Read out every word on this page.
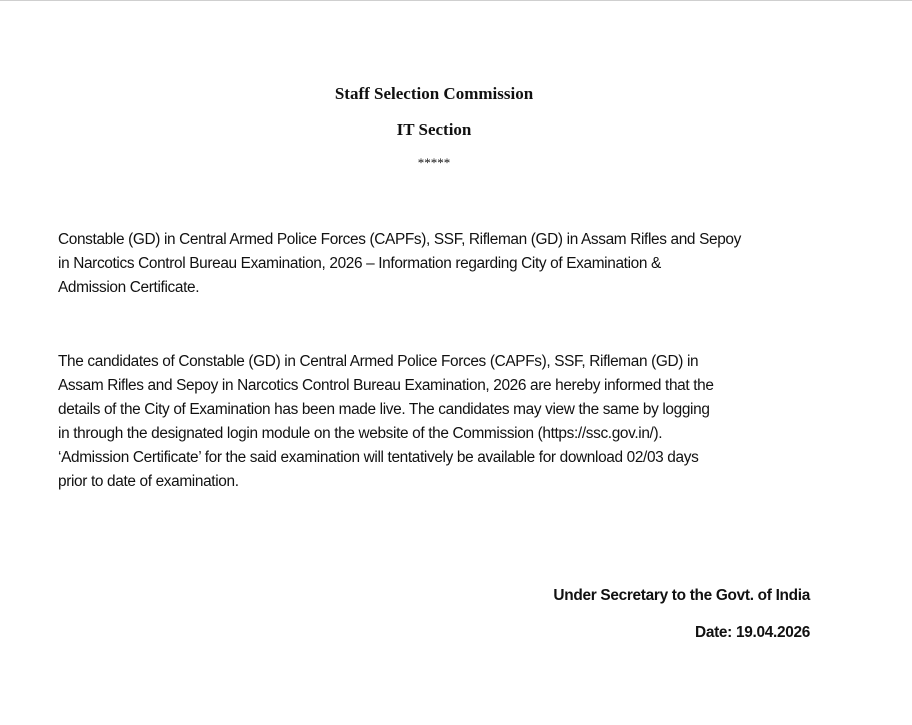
Staff Selection Commission
IT Section
*****
Constable (GD) in Central Armed Police Forces (CAPFs), SSF, Rifleman (GD) in Assam Rifles and Sepoy
in Narcotics Control Bureau Examination, 2026 – Information regarding City of Examination &
Admission Certificate.
The candidates of Constable (GD) in Central Armed Police Forces (CAPFs), SSF, Rifleman (GD) in
Assam Rifles and Sepoy in Narcotics Control Bureau Examination, 2026 are hereby informed that the
details of the City of Examination has been made live. The candidates may view the same by logging
in through the designated login module on the website of the Commission (https://ssc.gov.in/).
‘Admission Certificate’ for the said examination will tentatively be available for download 02/03 days
prior to date of examination.
Under Secretary to the Govt. of India
Date: 19.04.2026
